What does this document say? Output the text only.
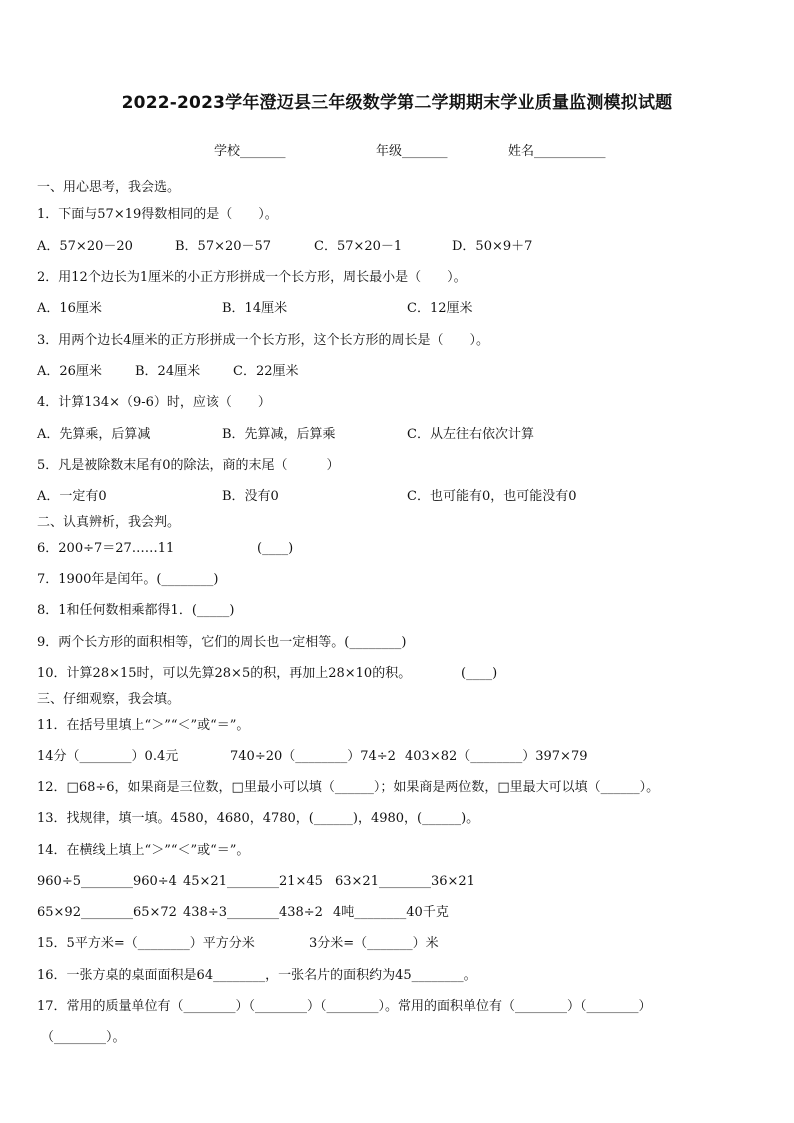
2022-2023学年澄迈县三年级数学第二学期期末学业质量监测模拟试题
学校_______	年级_______	姓名___________
一、用心思考，我会选。
1．下面与57×19得数相同的是（　　）。
A．57×20－20	B．57×20－57	C．57×20－1	D．50×9＋7
2．用12个边长为1厘米的小正方形拼成一个长方形，周长最小是（　　）。
A．16厘米	B．14厘米	C．12厘米
3．用两个边长4厘米的正方形拼成一个长方形，这个长方形的周长是（　　）。
A．26厘米	B．24厘米	C．22厘米
4．计算134×（9-6）时，应该（　　）
A．先算乘，后算减	B．先算减，后算乘	C．从左往右依次计算
5．凡是被除数末尾有0的除法，商的末尾（　　　）
A．一定有0	B．没有0	C．也可能有0，也可能没有0
二、认真辨析，我会判。
6．200÷7＝27……11	(____)
7．1900年是闰年。(________)
8．1和任何数相乘都得1．(_____)
9．两个长方形的面积相等，它们的周长也一定相等。(________)
10．计算28×15时，可以先算28×5的积，再加上28×10的积。	(____)
三、仔细观察，我会填。
11．在括号里填上“＞”“＜”或“＝”。
14分（________）0.4元	740÷20（________）74÷2 403×82（________）397×79
12．□68÷6，如果商是三位数，□里最小可以填（______）；如果商是两位数，□里最大可以填（______）。
13．找规律，填一填。4580，4680，4780，(______)，4980，(______)。
14．在横线上填上“＞”“＜”或“＝”。
960÷5________960÷4 45×21________21×45 63×21________36×21
65×92________65×72 438÷3________438÷2 4吨________40千克
15．5平方米=（________）平方分米	3分米=（_______）米
16．一张方桌的桌面面积是64________，一张名片的面积约为45________。
17．常用的质量单位有（________）（________）（________）。常用的面积单位有（________）（________）
（________）。
